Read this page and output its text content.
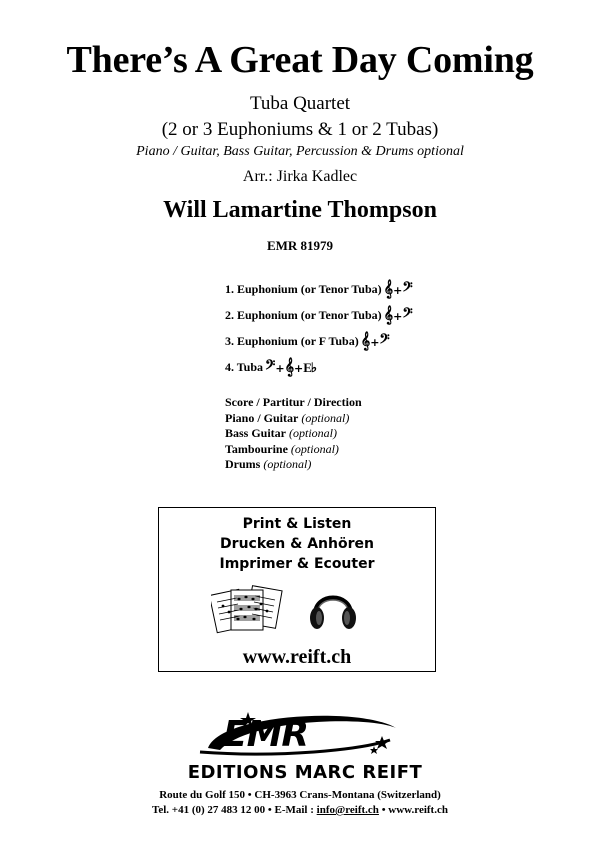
There’s A Great Day Coming
Tuba Quartet
(2 or 3 Euphoniums & 1 or 2 Tubas)
Piano / Guitar, Bass Guitar, Percussion & Drums optional
Arr.: Jirka Kadlec
Will Lamartine Thompson
EMR 81979
1. Euphonium (or Tenor Tuba) 𝄞+𝄢
2. Euphonium (or Tenor Tuba) 𝄞+𝄢
3. Euphonium (or F Tuba) 𝄞+𝄢
4. Tuba 𝄢+𝄞+E♭
Score / Partitur / Direction
Piano / Guitar (optional)
Bass Guitar (optional)
Tambourine (optional)
Drums (optional)
Print & Listen
Drucken & Anhören
Imprimer & Ecouter
www.reift.ch
EMR
EDITIONS MARC REIFT
Route du Golf 150 • CH-3963 Crans-Montana (Switzerland)
Tel. +41 (0) 27 483 12 00 • E-Mail : info@reift.ch • www.reift.ch
